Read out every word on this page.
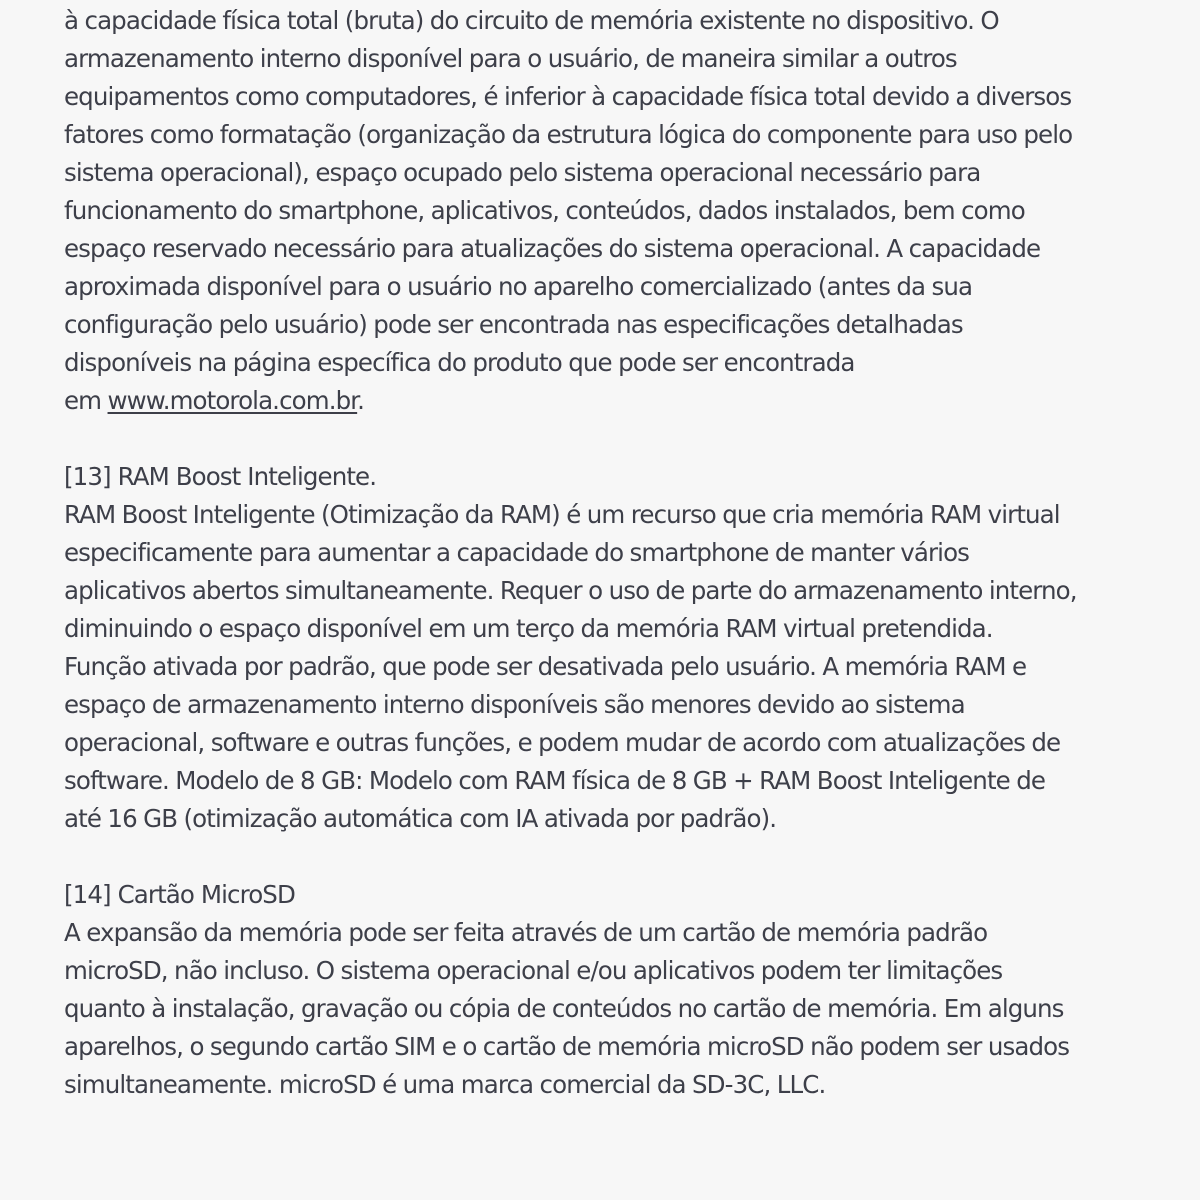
à capacidade física total (bruta) do circuito de memória existente no dispositivo. O
armazenamento interno disponível para o usuário, de maneira similar a outros
equipamentos como computadores, é inferior à capacidade física total devido a diversos
fatores como formatação (organização da estrutura lógica do componente para uso pelo
sistema operacional), espaço ocupado pelo sistema operacional necessário para
funcionamento do smartphone, aplicativos, conteúdos, dados instalados, bem como
espaço reservado necessário para atualizações do sistema operacional. A capacidade
aproximada disponível para o usuário no aparelho comercializado (antes da sua
configuração pelo usuário) pode ser encontrada nas especificações detalhadas
disponíveis na página específica do produto que pode ser encontrada
em www.motorola.com.br.
[13] RAM Boost Inteligente.
RAM Boost Inteligente (Otimização da RAM) é um recurso que cria memória RAM virtual
especificamente para aumentar a capacidade do smartphone de manter vários
aplicativos abertos simultaneamente. Requer o uso de parte do armazenamento interno,
diminuindo o espaço disponível em um terço da memória RAM virtual pretendida.
Função ativada por padrão, que pode ser desativada pelo usuário. A memória RAM e
espaço de armazenamento interno disponíveis são menores devido ao sistema
operacional, software e outras funções, e podem mudar de acordo com atualizações de
software. Modelo de 8 GB: Modelo com RAM física de 8 GB + RAM Boost Inteligente de
até 16 GB (otimização automática com IA ativada por padrão).
[14] Cartão MicroSD
A expansão da memória pode ser feita através de um cartão de memória padrão
microSD, não incluso. O sistema operacional e/ou aplicativos podem ter limitações
quanto à instalação, gravação ou cópia de conteúdos no cartão de memória. Em alguns
aparelhos, o segundo cartão SIM e o cartão de memória microSD não podem ser usados
simultaneamente. microSD é uma marca comercial da SD-3C, LLC.
